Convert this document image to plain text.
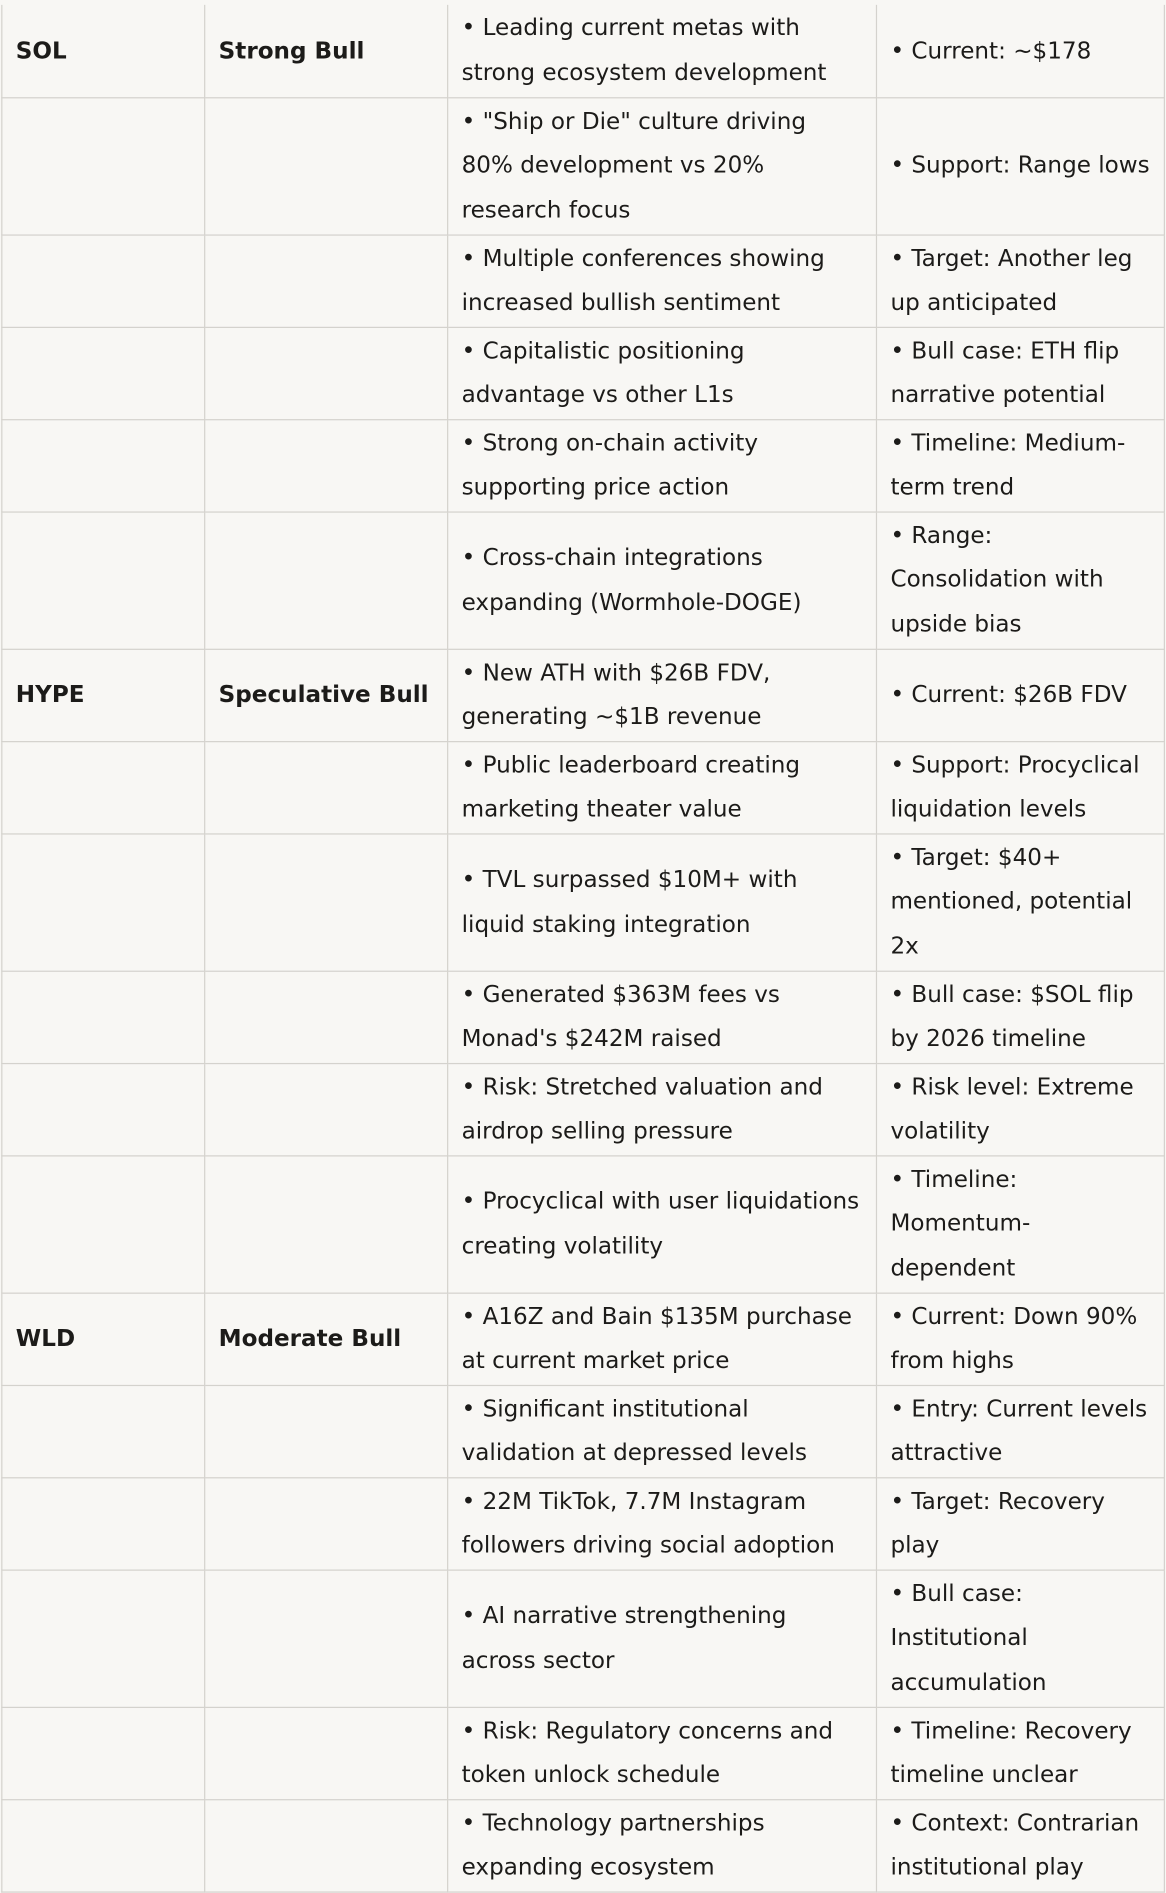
SOL	Strong Bull	• Leading current metas with strong ecosystem development	• Current: ~$178
		• "Ship or Die" culture driving 80% development vs 20% research focus	• Support: Range lows
		• Multiple conferences showing increased bullish sentiment	• Target: Another leg up anticipated
		• Capitalistic positioning advantage vs other L1s	• Bull case: ETH flip narrative potential
		• Strong on-chain activity supporting price action	• Timeline: Medium-term trend
		• Cross-chain integrations expanding (Wormhole-DOGE)	• Range: Consolidation with upside bias
HYPE	Speculative Bull	• New ATH with $26B FDV, generating ~$1B revenue	• Current: $26B FDV
		• Public leaderboard creating marketing theater value	• Support: Procyclical liquidation levels
		• TVL surpassed $10M+ with liquid staking integration	• Target: $40+ mentioned, potential 2x
		• Generated $363M fees vs Monad's $242M raised	• Bull case: $SOL flip by 2026 timeline
		• Risk: Stretched valuation and airdrop selling pressure	• Risk level: Extreme volatility
		• Procyclical with user liquidations creating volatility	• Timeline: Momentum-dependent
WLD	Moderate Bull	• A16Z and Bain $135M purchase at current market price	• Current: Down 90% from highs
		• Significant institutional validation at depressed levels	• Entry: Current levels attractive
		• 22M TikTok, 7.7M Instagram followers driving social adoption	• Target: Recovery play
		• AI narrative strengthening across sector	• Bull case: Institutional accumulation
		• Risk: Regulatory concerns and token unlock schedule	• Timeline: Recovery timeline unclear
		• Technology partnerships expanding ecosystem	• Context: Contrarian institutional play
